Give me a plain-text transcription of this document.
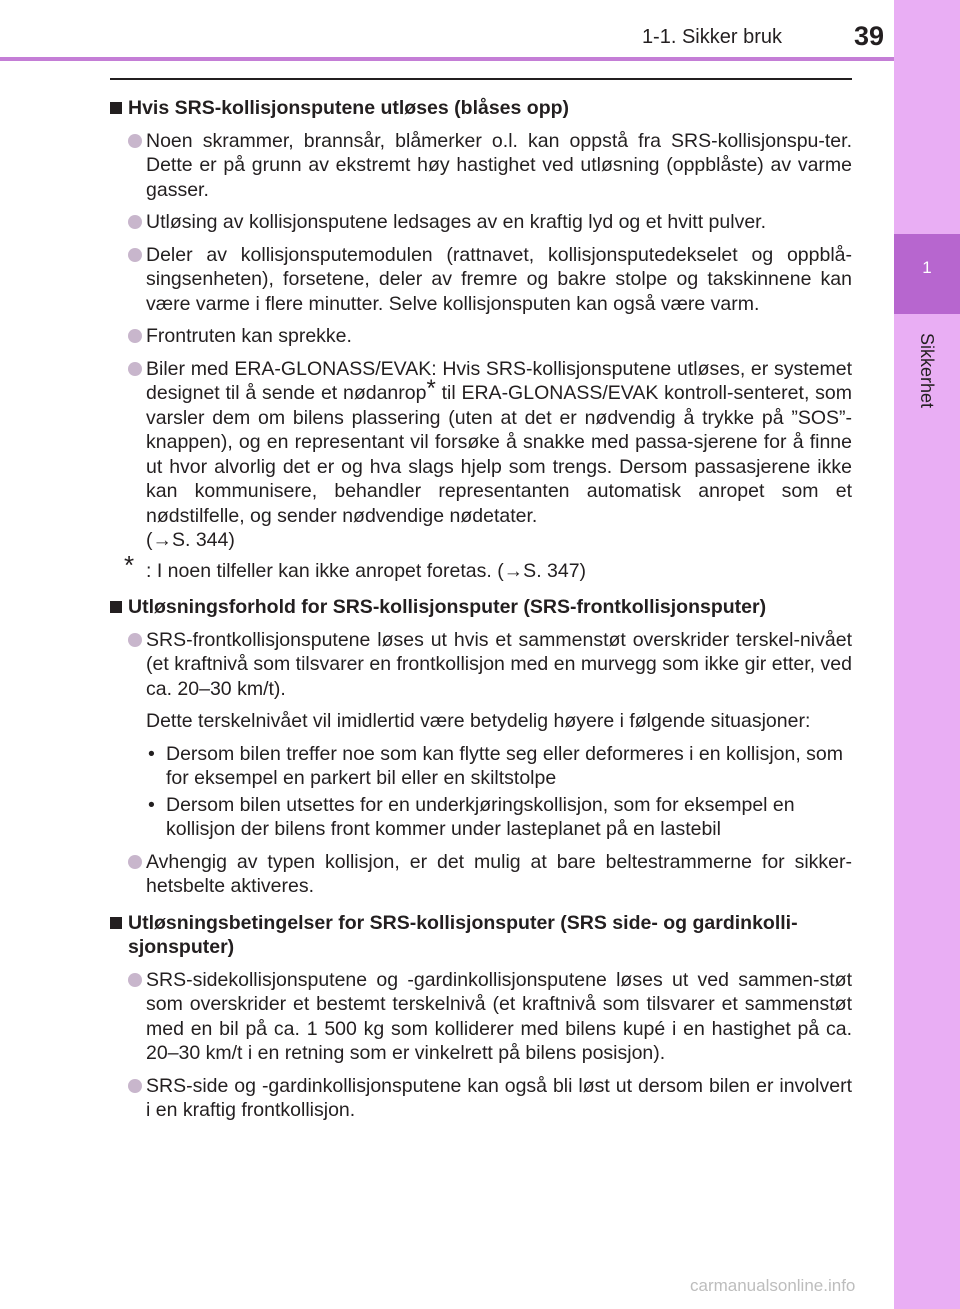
1
Sikkerhet
1-1. Sikker bruk	39
Hvis SRS-kollisjonsputene utløses (blåses opp)
Noen skrammer, brannsår, blåmerker o.l. kan oppstå fra SRS-kollisjonspu-ter. Dette er på grunn av ekstremt høy hastighet ved utløsning (oppblåste) av varme gasser.
Utløsing av kollisjonsputene ledsages av en kraftig lyd og et hvitt pulver.
Deler av kollisjonsputemodulen (rattnavet, kollisjonsputedekselet og oppblå-singsenheten), forsetene, deler av fremre og bakre stolpe og takskinnene kan være varme i flere minutter. Selve kollisjonsputen kan også være varm.
Frontruten kan sprekke.
Biler med ERA-GLONASS/EVAK: Hvis SRS-kollisjonsputene utløses, er systemet designet til å sende et nødanrop* til ERA-GLONASS/EVAK kontroll-senteret, som varsler dem om bilens plassering (uten at det er nødvendig å trykke på ”SOS”-knappen), og en representant vil forsøke å snakke med passa-sjerene for å finne ut hvor alvorlig det er og hva slags hjelp som trengs. Dersom passasjerene ikke kan kommunisere, behandler representanten automatisk anropet som et nødstilfelle, og sender nødvendige nødetater.
(→S. 344)
* : I noen tilfeller kan ikke anropet foretas. (→S. 347)
Utløsningsforhold for SRS-kollisjonsputer (SRS-frontkollisjonsputer)
SRS-frontkollisjonsputene løses ut hvis et sammenstøt overskrider terskel-nivået (et kraftnivå som tilsvarer en frontkollisjon med en murvegg som ikke gir etter, ved ca. 20–30 km/t).
Dette terskelnivået vil imidlertid være betydelig høyere i følgende situasjoner:
• Dersom bilen treffer noe som kan flytte seg eller deformeres i en kollisjon, som for eksempel en parkert bil eller en skiltstolpe
• Dersom bilen utsettes for en underkjøringskollisjon, som for eksempel en kollisjon der bilens front kommer under lasteplanet på en lastebil
Avhengig av typen kollisjon, er det mulig at bare beltestrammerne for sikker-hetsbelte aktiveres.
Utløsningsbetingelser for SRS-kollisjonsputer (SRS side- og gardinkolli-sjonsputer)
SRS-sidekollisjonsputene og -gardinkollisjonsputene løses ut ved sammen-støt som overskrider et bestemt terskelnivå (et kraftnivå som tilsvarer et sammenstøt med en bil på ca. 1 500 kg som kolliderer med bilens kupé i en hastighet på ca. 20–30 km/t i en retning som er vinkelrett på bilens posisjon).
SRS-side og -gardinkollisjonsputene kan også bli løst ut dersom bilen er involvert i en kraftig frontkollisjon.
carmanualsonline.info
